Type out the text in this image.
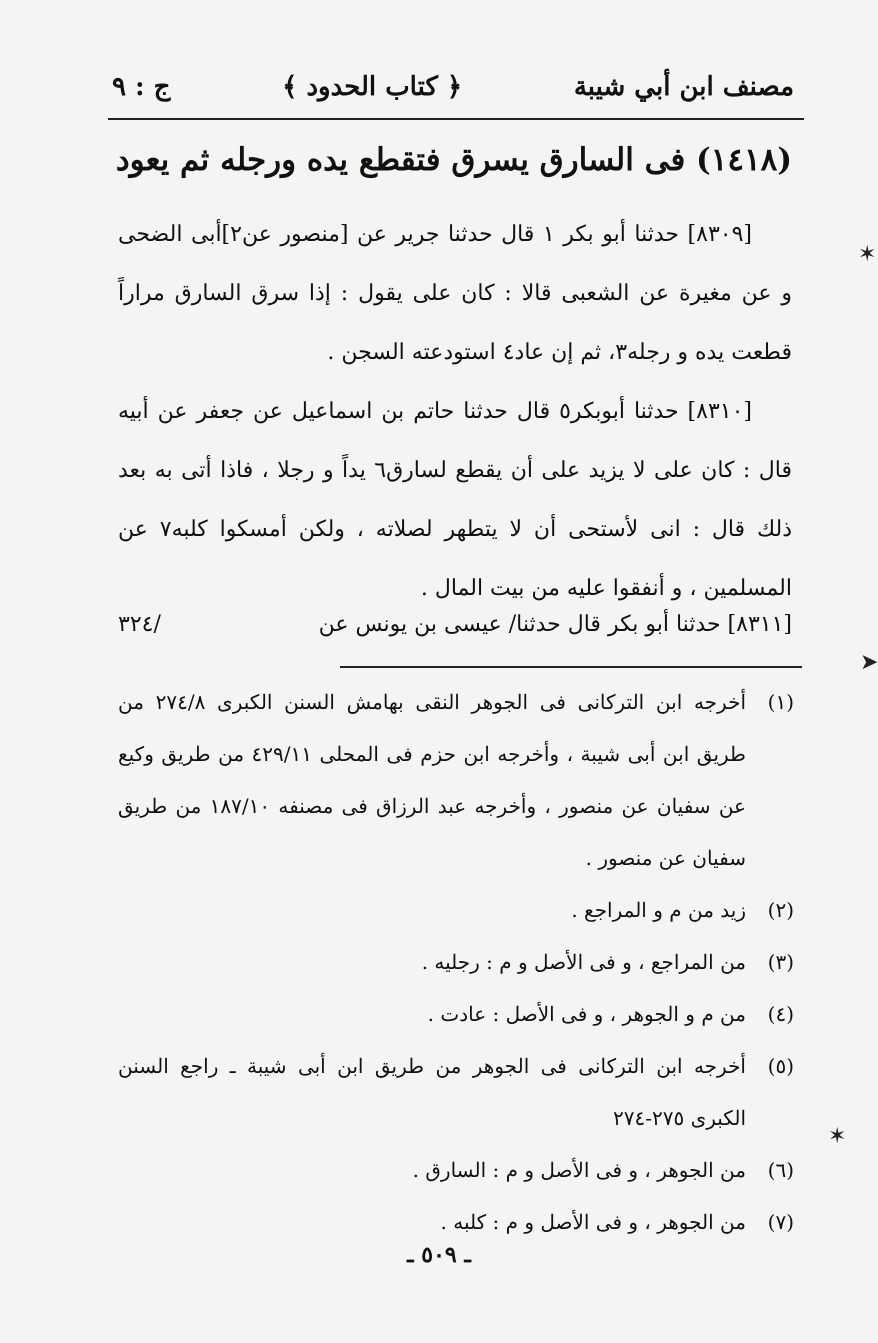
مصنف ابن أبي شيبة
﴿ كتاب الحدود ﴾
ج : ٩
(١٤١٨) فى السارق يسرق فتقطع يده ورجله ثم يعود

[٨٣٠٩] حدثنا أبو بكر ١ قال حدثنا جرير عن [منصور عن٢]أبى الضحى و عن مغيرة عن الشعبى قالا : كان على يقول : إذا سرق السارق مراراً قطعت يده و رجله٣، ثم إن عاد٤ استودعته السجن .

[٨٣١٠] حدثنا أبوبكر٥ قال حدثنا حاتم بن اسماعيل عن جعفر عن أبيه قال : كان على لا يزيد على أن يقطع لسارق٦ يداً و رجلا ، فاذا أتى به بعد ذلك قال : انى لأستحى أن لا يتطهر لصلاته ، ولكن أمسكوا كلبه٧ عن المسلمين ، و أنفقوا عليه من بيت المال .

[٨٣١١] حدثنا أبو بكر قال حدثنا/ عيسى بن يونس عن
/٣٢٤
(١)
أخرجه ابن التركانى فى الجوهر النقى بهامش السنن الكبرى ٢٧٤/٨ من طريق ابن أبى شيبة ، وأخرجه ابن حزم فى المحلى ٤٢٩/١١ من طريق وكيع عن سفيان عن منصور ، وأخرجه عبد الرزاق فى مصنفه ١٨٧/١٠ من طريق سفيان عن منصور .
(٢)
زيد من م و المراجع .
(٣)
من المراجع ، و فى الأصل و م : رجليه .
(٤)
من م و الجوهر ، و فى الأصل : عادت .
(٥)
أخرجه ابن التركانى فى الجوهر من طريق ابن أبى شيبة ـ راجع السنن الكبرى ٢٧٥-٢٧٤
(٦)
من الجوهر ، و فى الأصل و م : السارق .
(٧)
من الجوهر ، و فى الأصل و م : كلبه .
ـ ٥٠٩ ـ
✶
➤
✶
